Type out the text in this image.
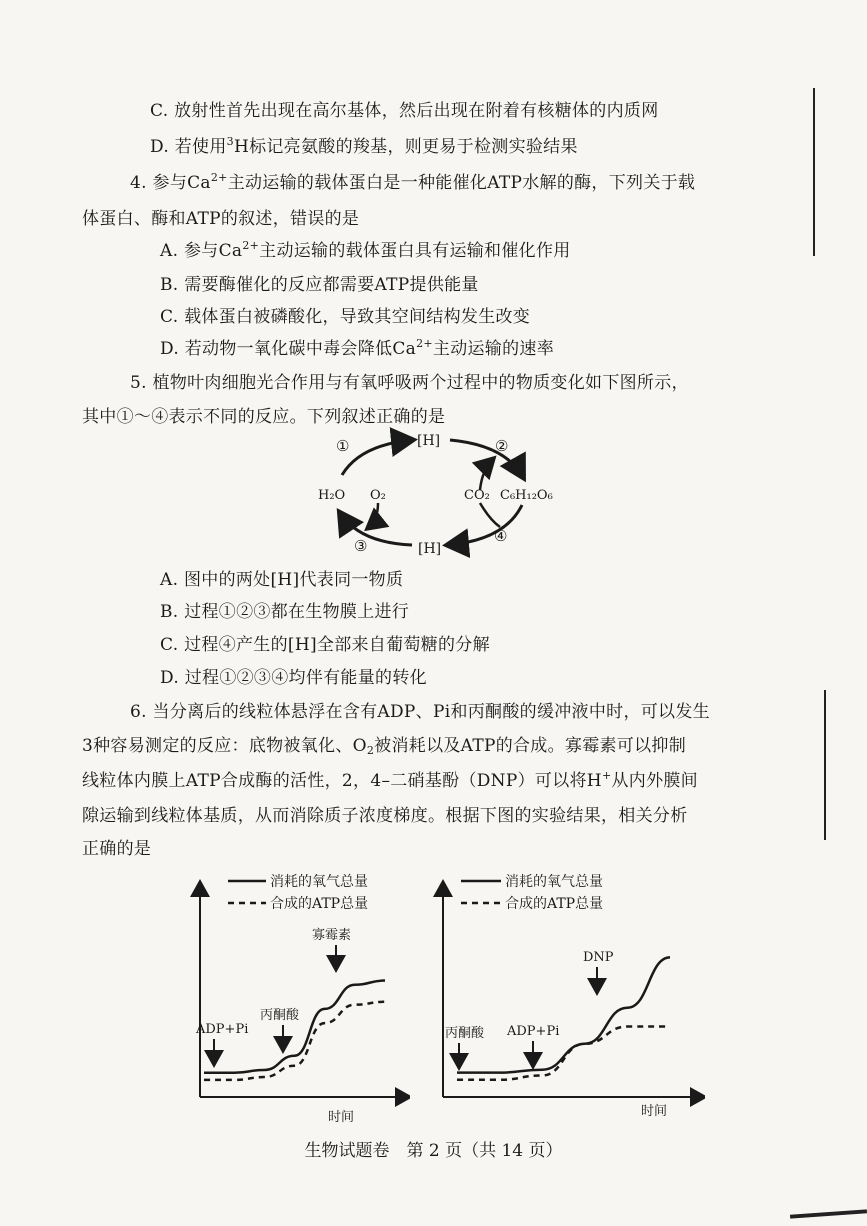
C. 放射性首先出现在高尔基体，然后出现在附着有核糖体的内质网
D. 若使用$^3$H标记亮氨酸的羧基，则更易于检测实验结果
4. 参与$Ca^{2+}$主动运输的载体蛋白是一种能催化ATP水解的酶，下列关于载
体蛋白、酶和ATP的叙述，错误的是
A. 参与$Ca^{2+}$主动运输的载体蛋白具有运输和催化作用
B. 需要酶催化的反应都需要ATP提供能量
C. 载体蛋白被磷酸化，导致其空间结构发生改变
D. 若动物一氧化碳中毒会降低$Ca^{2+}$主动运输的速率
5. 植物叶肉细胞光合作用与有氧呼吸两个过程中的物质变化如下图所示，
其中①～④表示不同的反应。下列叙述正确的是
[H]
[H]
①	②
③
④
H₂O O₂	CO₂ C₆H₁₂O₆
A. 图中的两处[H]代表同一物质
B. 过程①②③都在生物膜上进行
C. 过程④产生的[H]全部来自葡萄糖的分解
D. 过程①②③④均伴有能量的转化
6. 当分离后的线粒体悬浮在含有ADP、Pi和丙酮酸的缓冲液中时，可以发生
3种容易测定的反应：底物被氧化、$O_2$被消耗以及ATP的合成。寡霉素可以抑制
线粒体内膜上ATP合成酶的活性，2，4–二硝基酚（DNP）可以将H+从内外膜间
隙运输到线粒体基质，从而消除质子浓度梯度。根据下图的实验结果，相关分析
正确的是
消耗的氧气总量
合成的ATP总量
ADP+Pi
丙酮酸
寡霉素
时间
消耗的氧气总量
合成的ATP总量
丙酮酸 ADP+Pi
DNP
时间
生物试题卷　第 2 页（共 14 页）
